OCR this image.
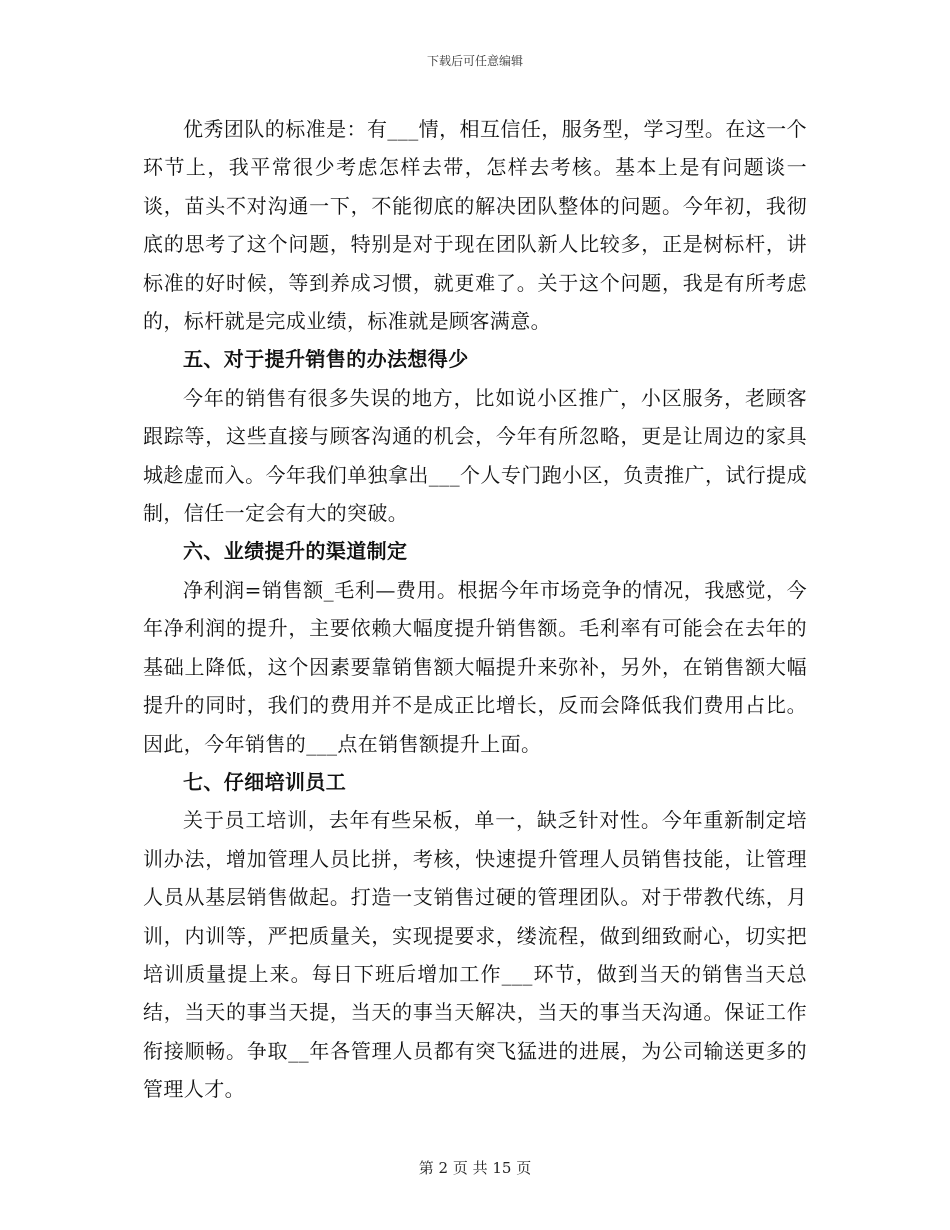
下载后可任意编辑

优秀团队的标准是：有___情，相互信任，服务型，学习型。在这一个环节上，我平常很少考虑怎样去带，怎样去考核。基本上是有问题谈一谈，苗头不对沟通一下，不能彻底的解决团队整体的问题。今年初，我彻底的思考了这个问题，特别是对于现在团队新人比较多，正是树标杆，讲标准的好时候，等到养成习惯，就更难了。关于这个问题，我是有所考虑的，标杆就是完成业绩，标准就是顾客满意。

五、对于提升销售的办法想得少

今年的销售有很多失误的地方，比如说小区推广，小区服务，老顾客跟踪等，这些直接与顾客沟通的机会，今年有所忽略，更是让周边的家具城趁虚而入。今年我们单独拿出___个人专门跑小区，负责推广，试行提成制，信任一定会有大的突破。

六、业绩提升的渠道制定

净利润=销售额_毛利—费用。根据今年市场竞争的情况，我感觉，今年净利润的提升，主要依赖大幅度提升销售额。毛利率有可能会在去年的基础上降低，这个因素要靠销售额大幅提升来弥补，另外，在销售额大幅提升的同时，我们的费用并不是成正比增长，反而会降低我们费用占比。因此，今年销售的___点在销售额提升上面。

七、仔细培训员工

关于员工培训，去年有些呆板，单一，缺乏针对性。今年重新制定培训办法，增加管理人员比拼，考核，快速提升管理人员销售技能，让管理人员从基层销售做起。打造一支销售过硬的管理团队。对于带教代练，月训，内训等，严把质量关，实现提要求，缕流程，做到细致耐心，切实把培训质量提上来。每日下班后增加工作___环节，做到当天的销售当天总结，当天的事当天提，当天的事当天解决，当天的事当天沟通。保证工作衔接顺畅。争取__年各管理人员都有突飞猛进的进展，为公司输送更多的管理人才。

第 2 页 共 15 页
